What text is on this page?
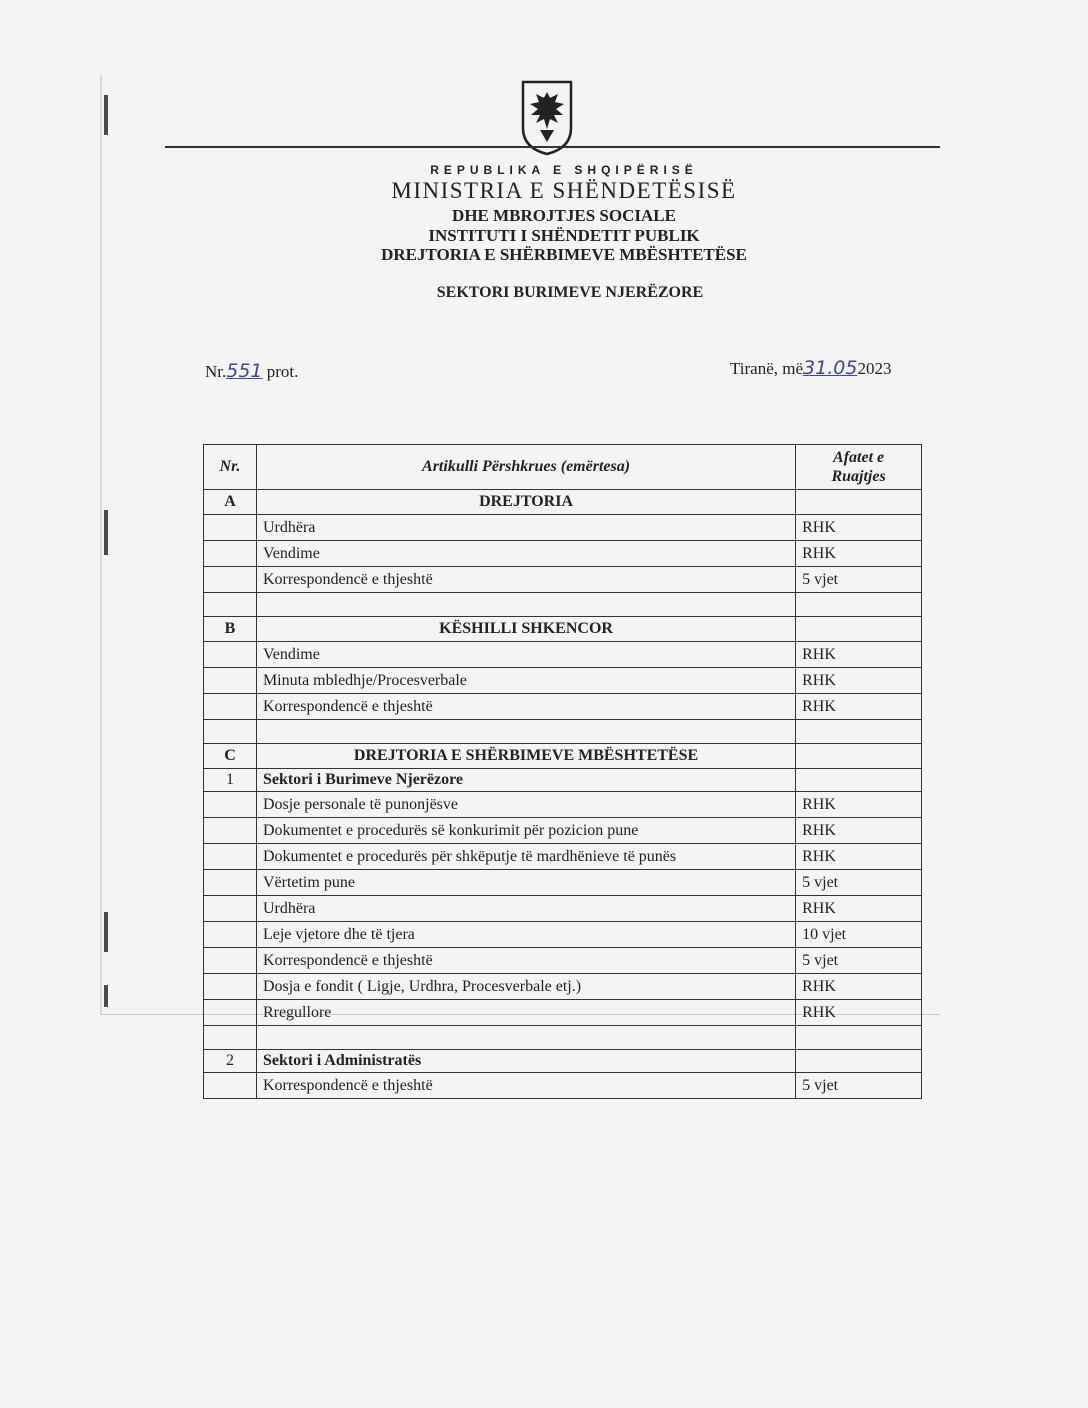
REPUBLIKA E SHQIPËRISË
MINISTRIA E SHËNDETËSISË
DHE MBROJTJES SOCIALE
INSTITUTI I SHËNDETIT PUBLIK
DREJTORIA E SHËRBIMEVE MBËSHTETËSE
SEKTORI BURIMEVE NJERËZORE
Nr.551 prot.	Tiranë, më31.052023
Nr.	Artikulli Përshkrues (emërtesa)	Afatet e
Ruajtjes
A	DREJTORIA	
	Urdhëra	RHK
	Vendime	RHK
	Korrespondencë e thjeshtë	5 vjet

B	KËSHILLI SHKENCOR	
	Vendime	RHK
	Minuta mbledhje/Procesverbale	RHK
	Korrespondencë e thjeshtë	RHK

C	DREJTORIA E SHËRBIMEVE MBËSHTETËSE	
1	Sektori i Burimeve Njerëzore	
	Dosje personale të punonjësve	RHK
	Dokumentet e procedurës së konkurimit për pozicion pune	RHK
	Dokumentet e procedurës për shkëputje të mardhënieve të punës	RHK
	Vërtetim pune	5 vjet
	Urdhëra	RHK
	Leje vjetore dhe të tjera	10 vjet
	Korrespondencë e thjeshtë	5 vjet
	Dosja e fondit ( Ligje, Urdhra, Procesverbale etj.)	RHK
	Rregullore	RHK

2	Sektori i Administratës	
	Korrespondencë e thjeshtë	5 vjet
